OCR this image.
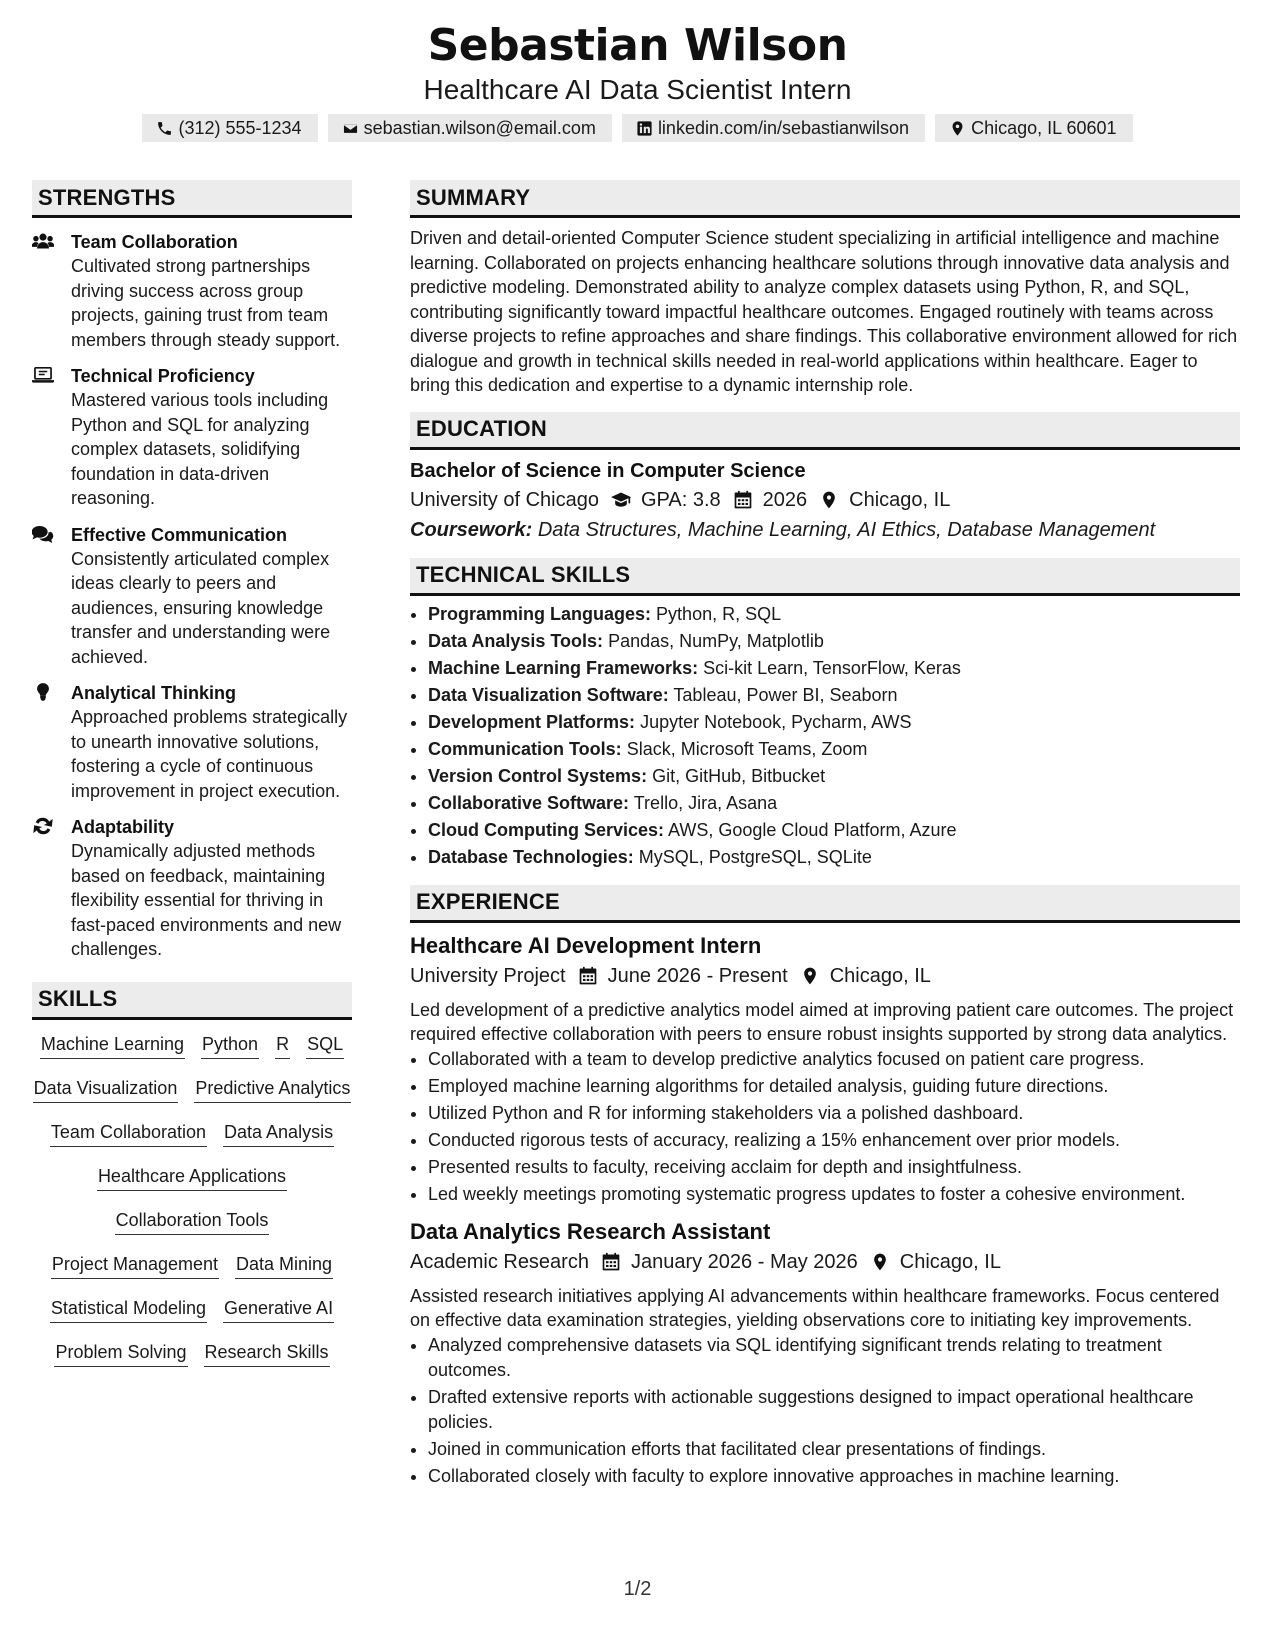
Sebastian Wilson
Healthcare AI Data Scientist Intern
(312) 555-1234	sebastian.wilson@email.com	linkedin.com/in/sebastianwilson	Chicago, IL 60601
STRENGTHS
Team Collaboration
Cultivated strong partnerships driving success across group projects, gaining trust from team members through steady support.
Technical Proficiency
Mastered various tools including Python and SQL for analyzing complex datasets, solidifying foundation in data-driven reasoning.
Effective Communication
Consistently articulated complex ideas clearly to peers and audiences, ensuring knowledge transfer and understanding were achieved.
Analytical Thinking
Approached problems strategically to unearth innovative solutions, fostering a cycle of continuous improvement in project execution.
Adaptability
Dynamically adjusted methods based on feedback, maintaining flexibility essential for thriving in fast-paced environments and new challenges.
SKILLS
Machine Learning Python R SQL
Data Visualization Predictive Analytics
Team Collaboration Data Analysis
Healthcare Applications
Collaboration Tools
Project Management Data Mining
Statistical Modeling Generative AI
Problem Solving Research Skills
SUMMARY
Driven and detail-oriented Computer Science student specializing in artificial intelligence and machine learning. Collaborated on projects enhancing healthcare solutions through innovative data analysis and predictive modeling. Demonstrated ability to analyze complex datasets using Python, R, and SQL, contributing significantly toward impactful healthcare outcomes. Engaged routinely with teams across diverse projects to refine approaches and share findings. This collaborative environment allowed for rich dialogue and growth in technical skills needed in real-world applications within healthcare. Eager to bring this dedication and expertise to a dynamic internship role.
EDUCATION
Bachelor of Science in Computer Science
University of Chicago GPA: 3.8 2026 Chicago, IL
Coursework: Data Structures, Machine Learning, AI Ethics, Database Management
TECHNICAL SKILLS
• Programming Languages: Python, R, SQL
• Data Analysis Tools: Pandas, NumPy, Matplotlib
• Machine Learning Frameworks: Sci-kit Learn, TensorFlow, Keras
• Data Visualization Software: Tableau, Power BI, Seaborn
• Development Platforms: Jupyter Notebook, Pycharm, AWS
• Communication Tools: Slack, Microsoft Teams, Zoom
• Version Control Systems: Git, GitHub, Bitbucket
• Collaborative Software: Trello, Jira, Asana
• Cloud Computing Services: AWS, Google Cloud Platform, Azure
• Database Technologies: MySQL, PostgreSQL, SQLite
EXPERIENCE
Healthcare AI Development Intern
University Project June 2026 - Present Chicago, IL
Led development of a predictive analytics model aimed at improving patient care outcomes. The project required effective collaboration with peers to ensure robust insights supported by strong data analytics.
• Collaborated with a team to develop predictive analytics focused on patient care progress.
• Employed machine learning algorithms for detailed analysis, guiding future directions.
• Utilized Python and R for informing stakeholders via a polished dashboard.
• Conducted rigorous tests of accuracy, realizing a 15% enhancement over prior models.
• Presented results to faculty, receiving acclaim for depth and insightfulness.
• Led weekly meetings promoting systematic progress updates to foster a cohesive environment.
Data Analytics Research Assistant
Academic Research January 2026 - May 2026 Chicago, IL
Assisted research initiatives applying AI advancements within healthcare frameworks. Focus centered on effective data examination strategies, yielding observations core to initiating key improvements.
• Analyzed comprehensive datasets via SQL identifying significant trends relating to treatment outcomes.
• Drafted extensive reports with actionable suggestions designed to impact operational healthcare policies.
• Joined in communication efforts that facilitated clear presentations of findings.
• Collaborated closely with faculty to explore innovative approaches in machine learning.
1/2
